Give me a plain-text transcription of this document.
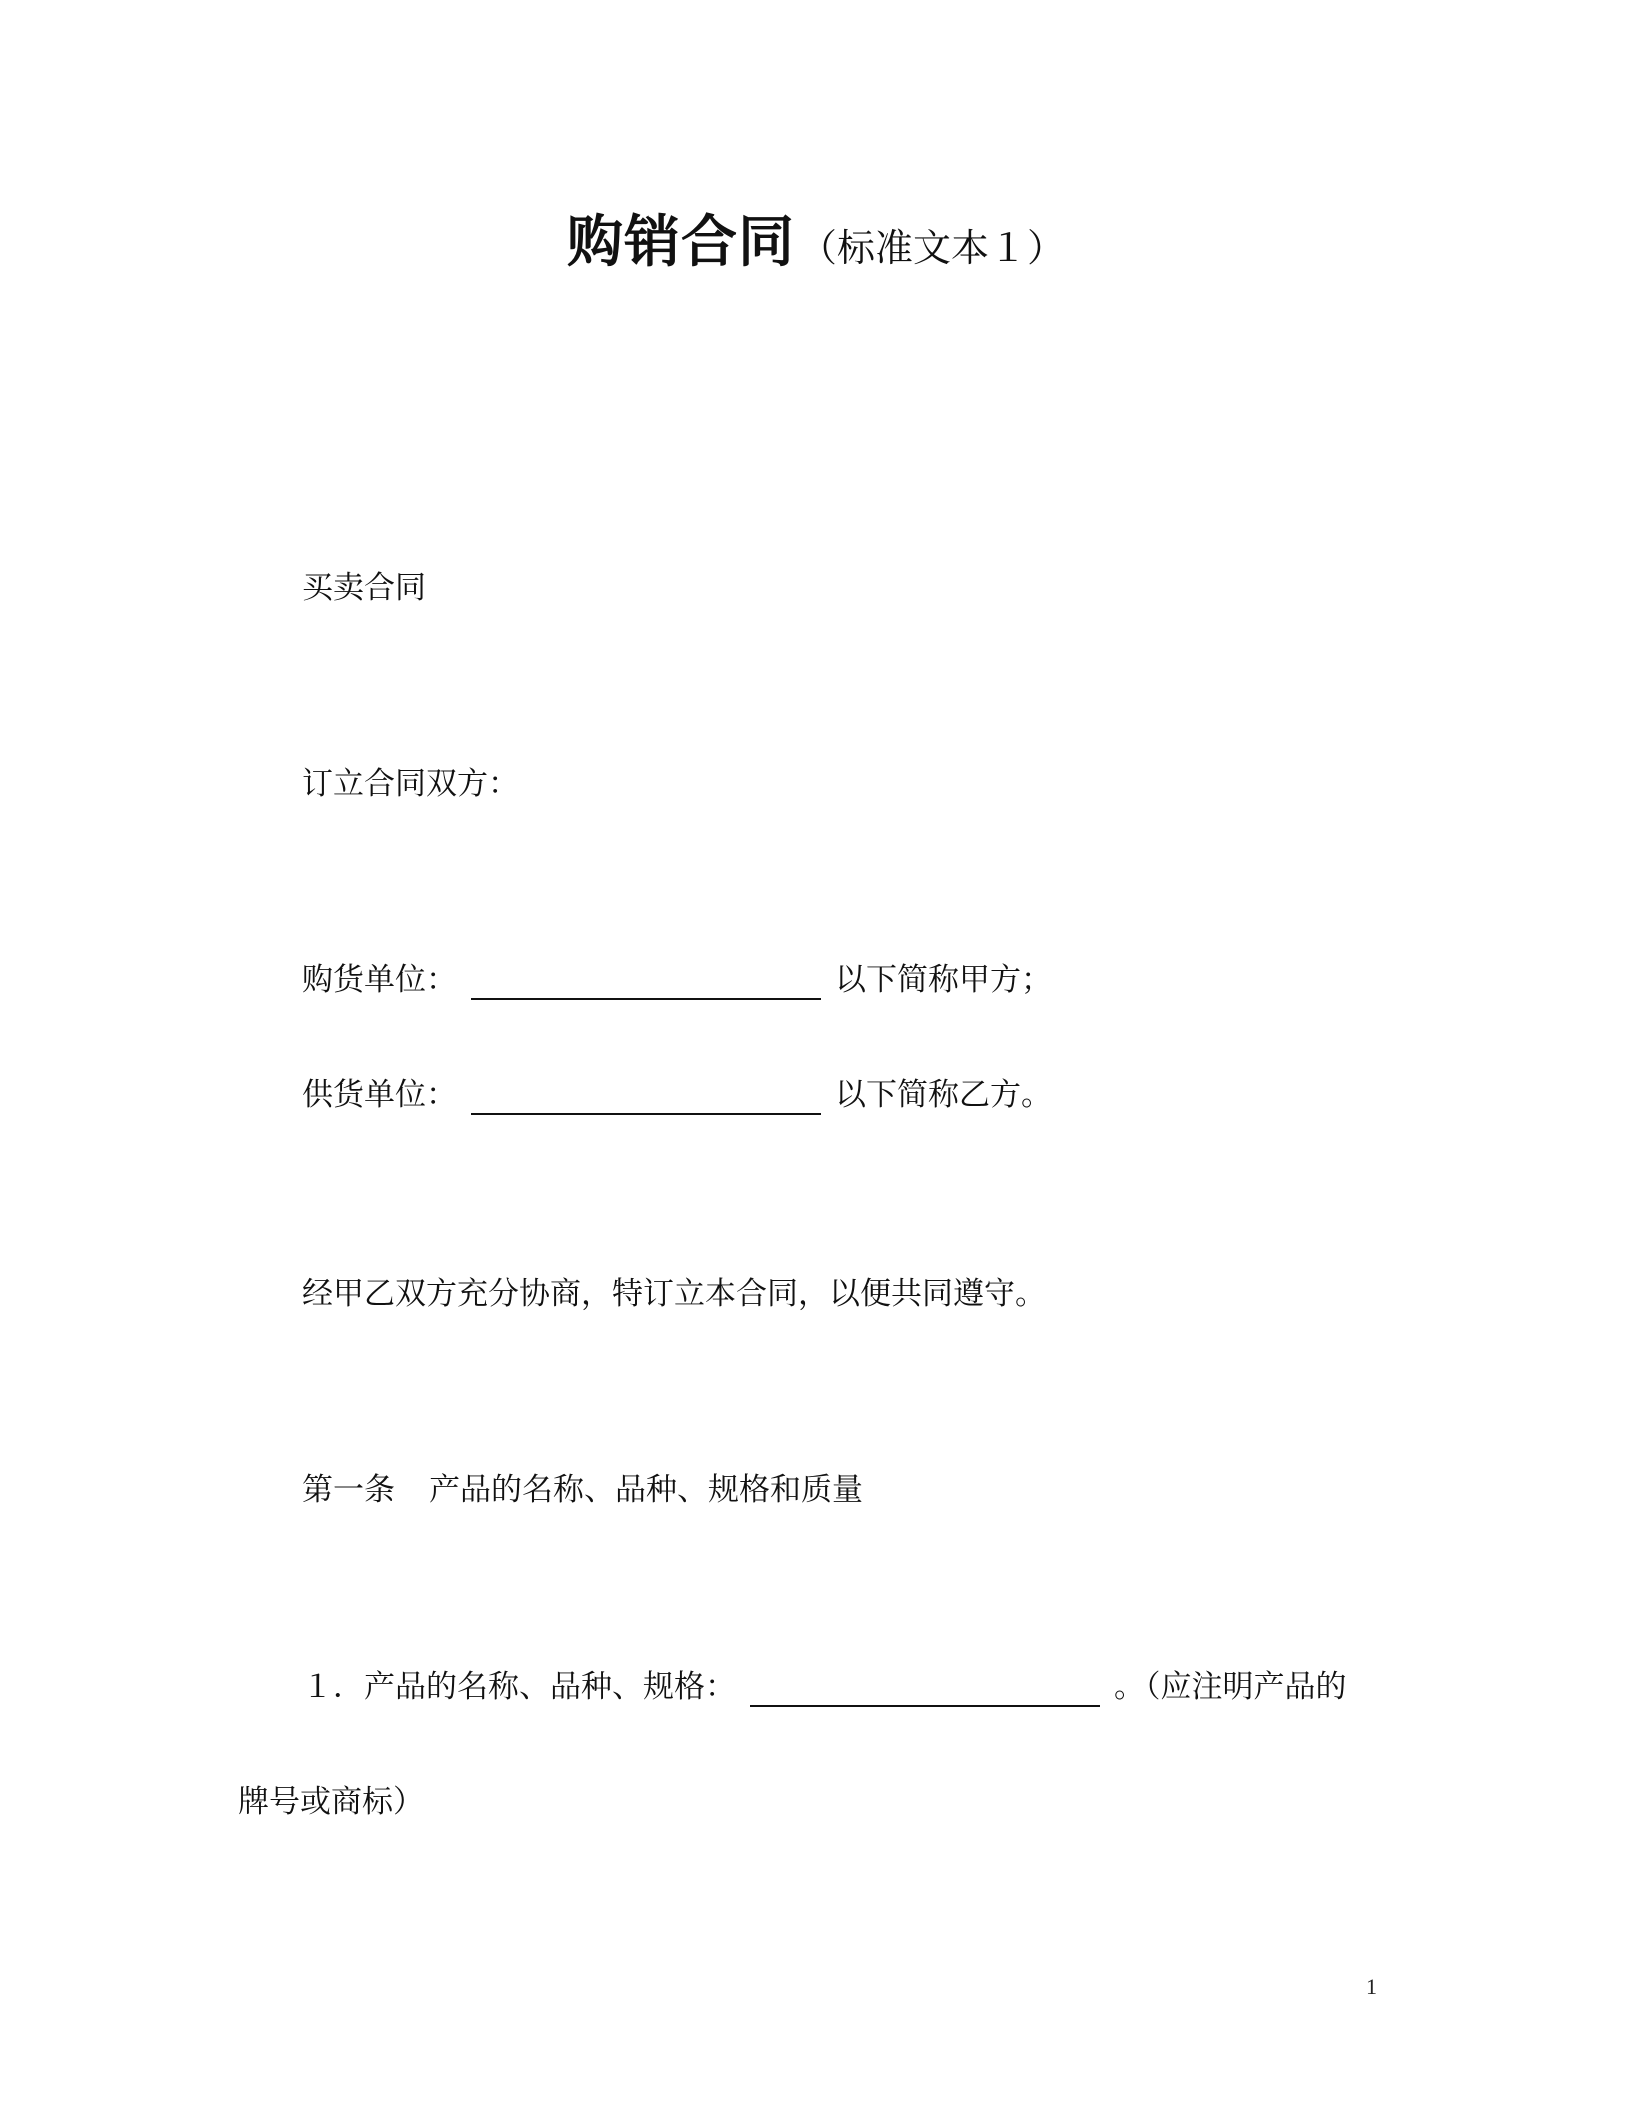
购销合同 （标准文本１）
买卖合同
订立合同双方：
购货单位：	以下简称甲方；
供货单位：	以下简称乙方。
经甲乙双方充分协商，特订立本合同，以便共同遵守。
第一条 产品的名称、品种、规格和质量
１．产品的名称、品种、规格：	。（应注明产品的
牌号或商标）
1
